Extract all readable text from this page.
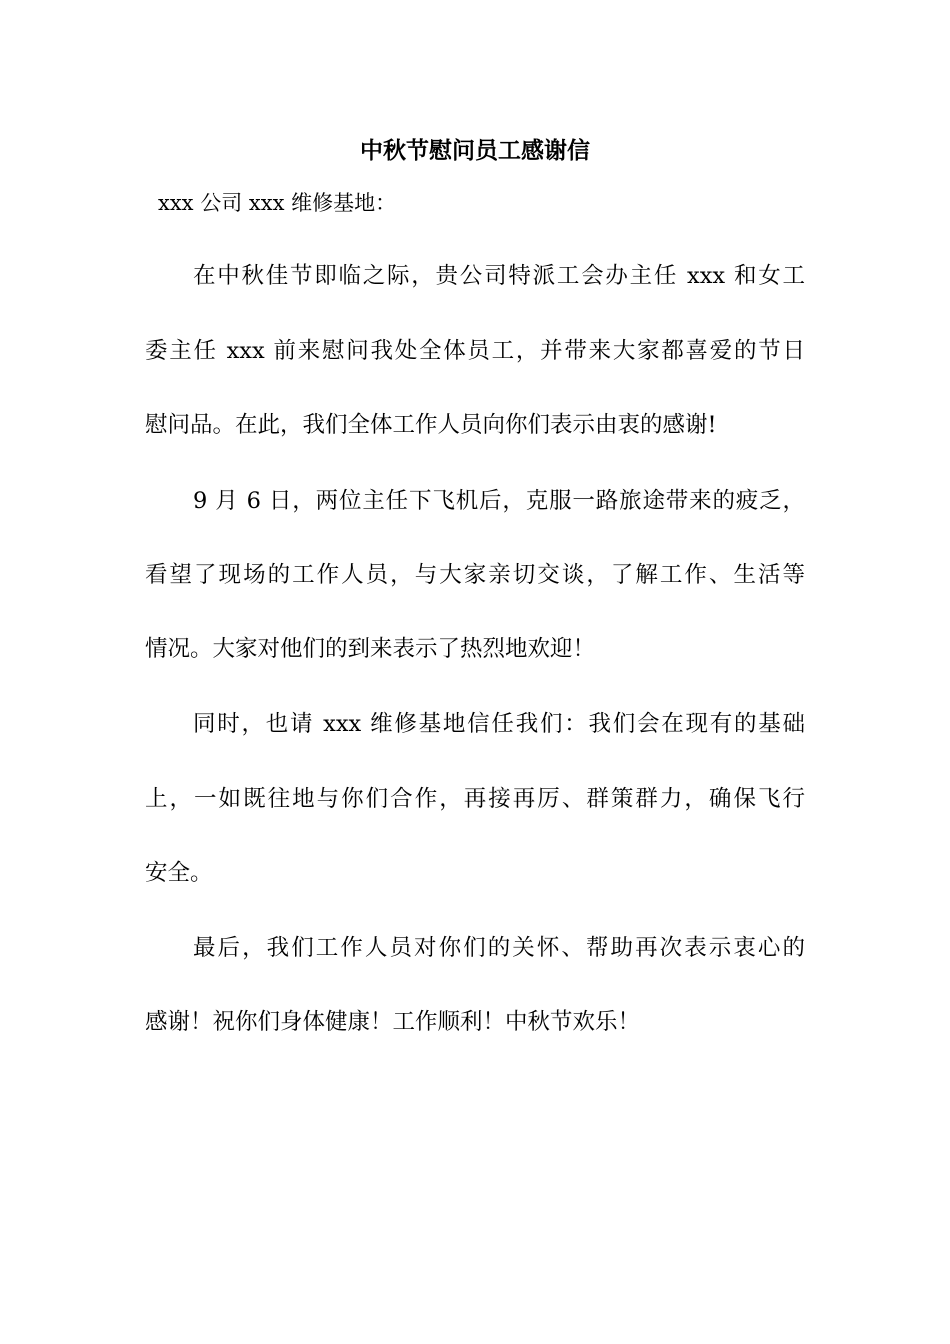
中秋节慰问员工感谢信

xxx 公司 xxx 维修基地：

在中秋佳节即临之际，贵公司特派工会办主任 xxx 和女工

委主任 xxx 前来慰问我处全体员工，并带来大家都喜爱的节日

慰问品。在此，我们全体工作人员向你们表示由衷的感谢!

9 月 6 日，两位主任下飞机后，克服一路旅途带来的疲乏，

看望了现场的工作人员，与大家亲切交谈，了解工作、生活等

情况。大家对他们的到来表示了热烈地欢迎！

同时，也请 xxx 维修基地信任我们：我们会在现有的基础

上，一如既往地与你们合作，再接再厉、群策群力，确保飞行

安全。

最后，我们工作人员对你们的关怀、帮助再次表示衷心的

感谢！祝你们身体健康！工作顺利！中秋节欢乐！
